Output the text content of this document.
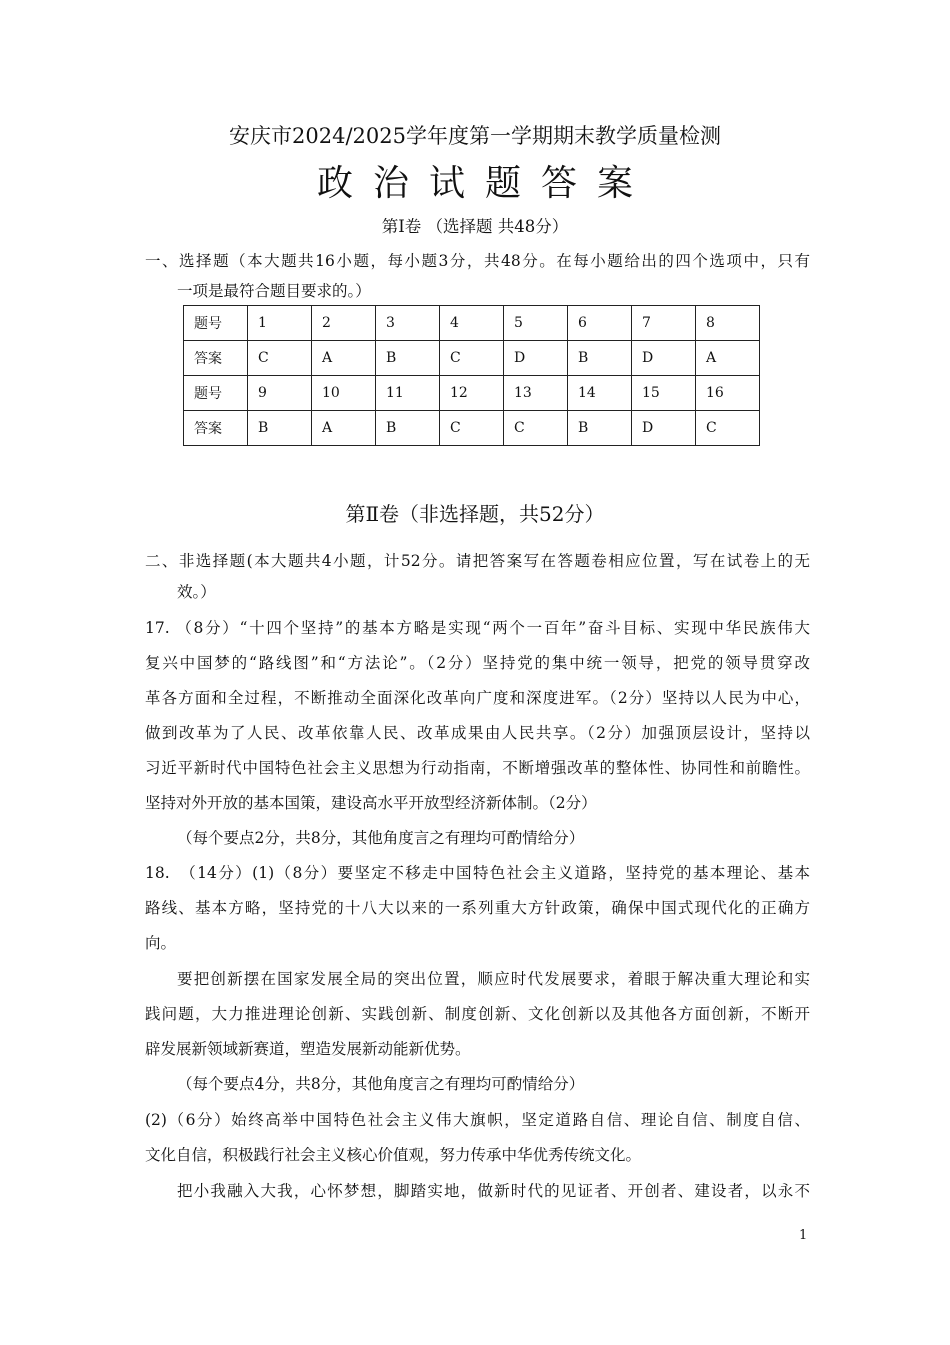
安庆市2024/2025学年度第一学期期末教学质量检测
政治试题答案
第Ⅰ卷 （选择题 共48分）
一、选择题（本大题共16小题，每小题3分，共48分。在每小题给出的四个选项中，只有
一项是最符合题目要求的。）
题号	1	2	3	4	5	6	7	8
答案	C	A	B	C	D	B	D	A
题号	9	10	11	12	13	14	15	16
答案	B	A	B	C	C	B	D	C
第Ⅱ卷（非选择题，共52分）
二、非选择题(本大题共4小题，计52分。请把答案写在答题卷相应位置，写在试卷上的无
效。）
17. （8分）“十四个坚持”的基本方略是实现“两个一百年”奋斗目标、实现中华民族伟大
复兴中国梦的“路线图”和“方法论”。（2分）坚持党的集中统一领导，把党的领导贯穿改
革各方面和全过程，不断推动全面深化改革向广度和深度进军。（2分）坚持以人民为中心，
做到改革为了人民、改革依靠人民、改革成果由人民共享。（2分）加强顶层设计，坚持以
习近平新时代中国特色社会主义思想为行动指南，不断增强改革的整体性、协同性和前瞻性。
坚持对外开放的基本国策，建设高水平开放型经济新体制。（2分）
（每个要点2分，共8分，其他角度言之有理均可酌情给分）
18.　（14分）(1)（8分）要坚定不移走中国特色社会主义道路，坚持党的基本理论、基本
路线、基本方略，坚持党的十八大以来的一系列重大方针政策，确保中国式现代化的正确方
向。
要把创新摆在国家发展全局的突出位置，顺应时代发展要求，着眼于解决重大理论和实
践问题，大力推进理论创新、实践创新、制度创新、文化创新以及其他各方面创新，不断开
辟发展新领域新赛道，塑造发展新动能新优势。
（每个要点4分，共8分，其他角度言之有理均可酌情给分）
(2)（6分）始终高举中国特色社会主义伟大旗帜，坚定道路自信、理论自信、制度自信、
文化自信，积极践行社会主义核心价值观，努力传承中华优秀传统文化。
把小我融入大我，心怀梦想，脚踏实地，做新时代的见证者、开创者、建设者，以永不
1
